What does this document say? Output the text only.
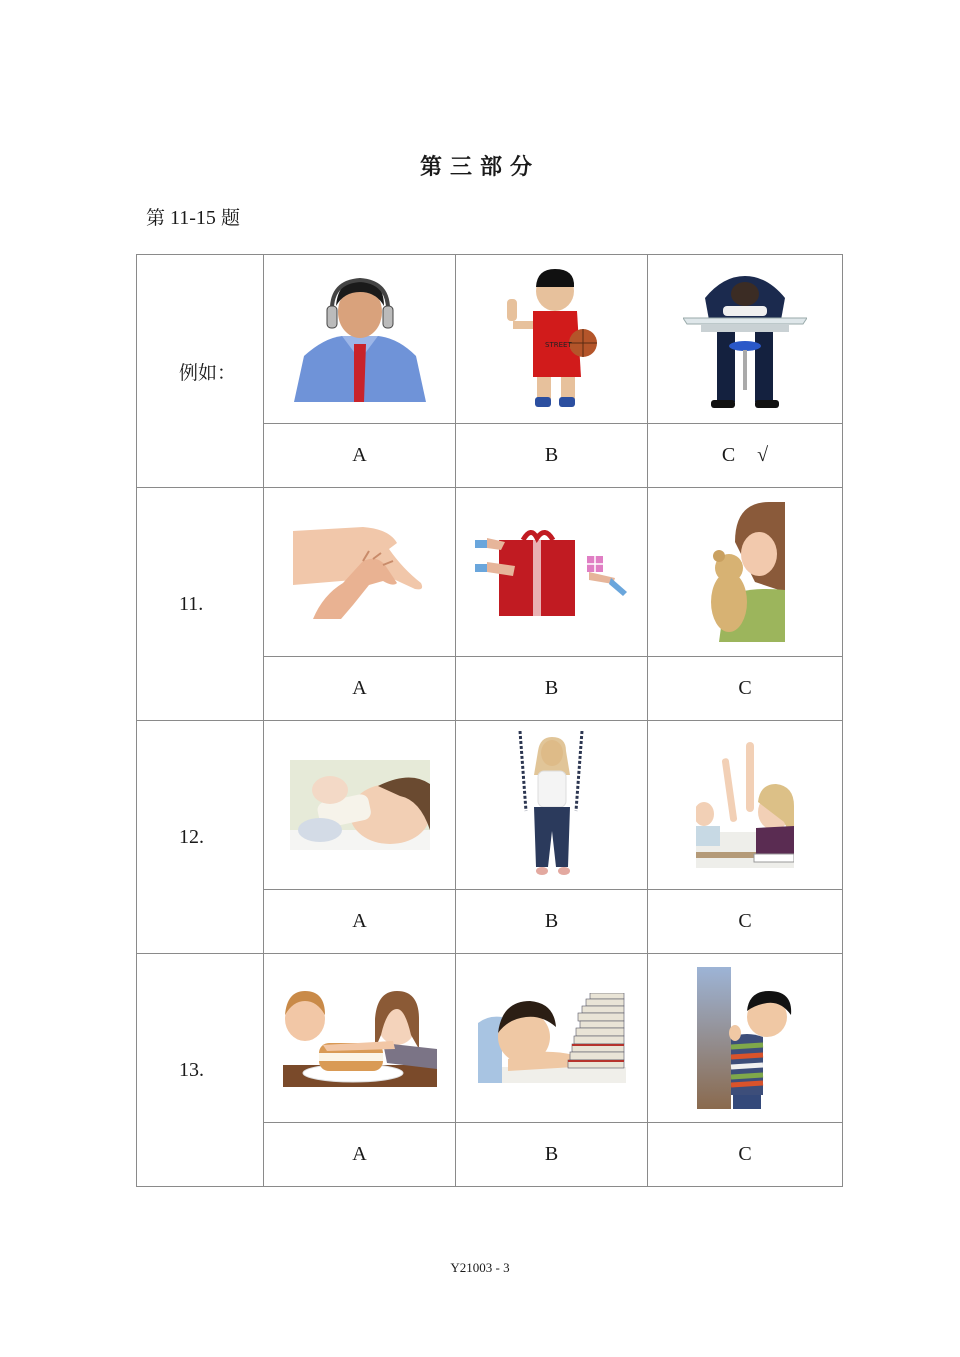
第三部分
第 11-15 题
例如：		STREET

	A	B	C √
11.			
	A	B	C
12.			
	A	B	C
13.			
	A	B	C
Y21003 - 3
